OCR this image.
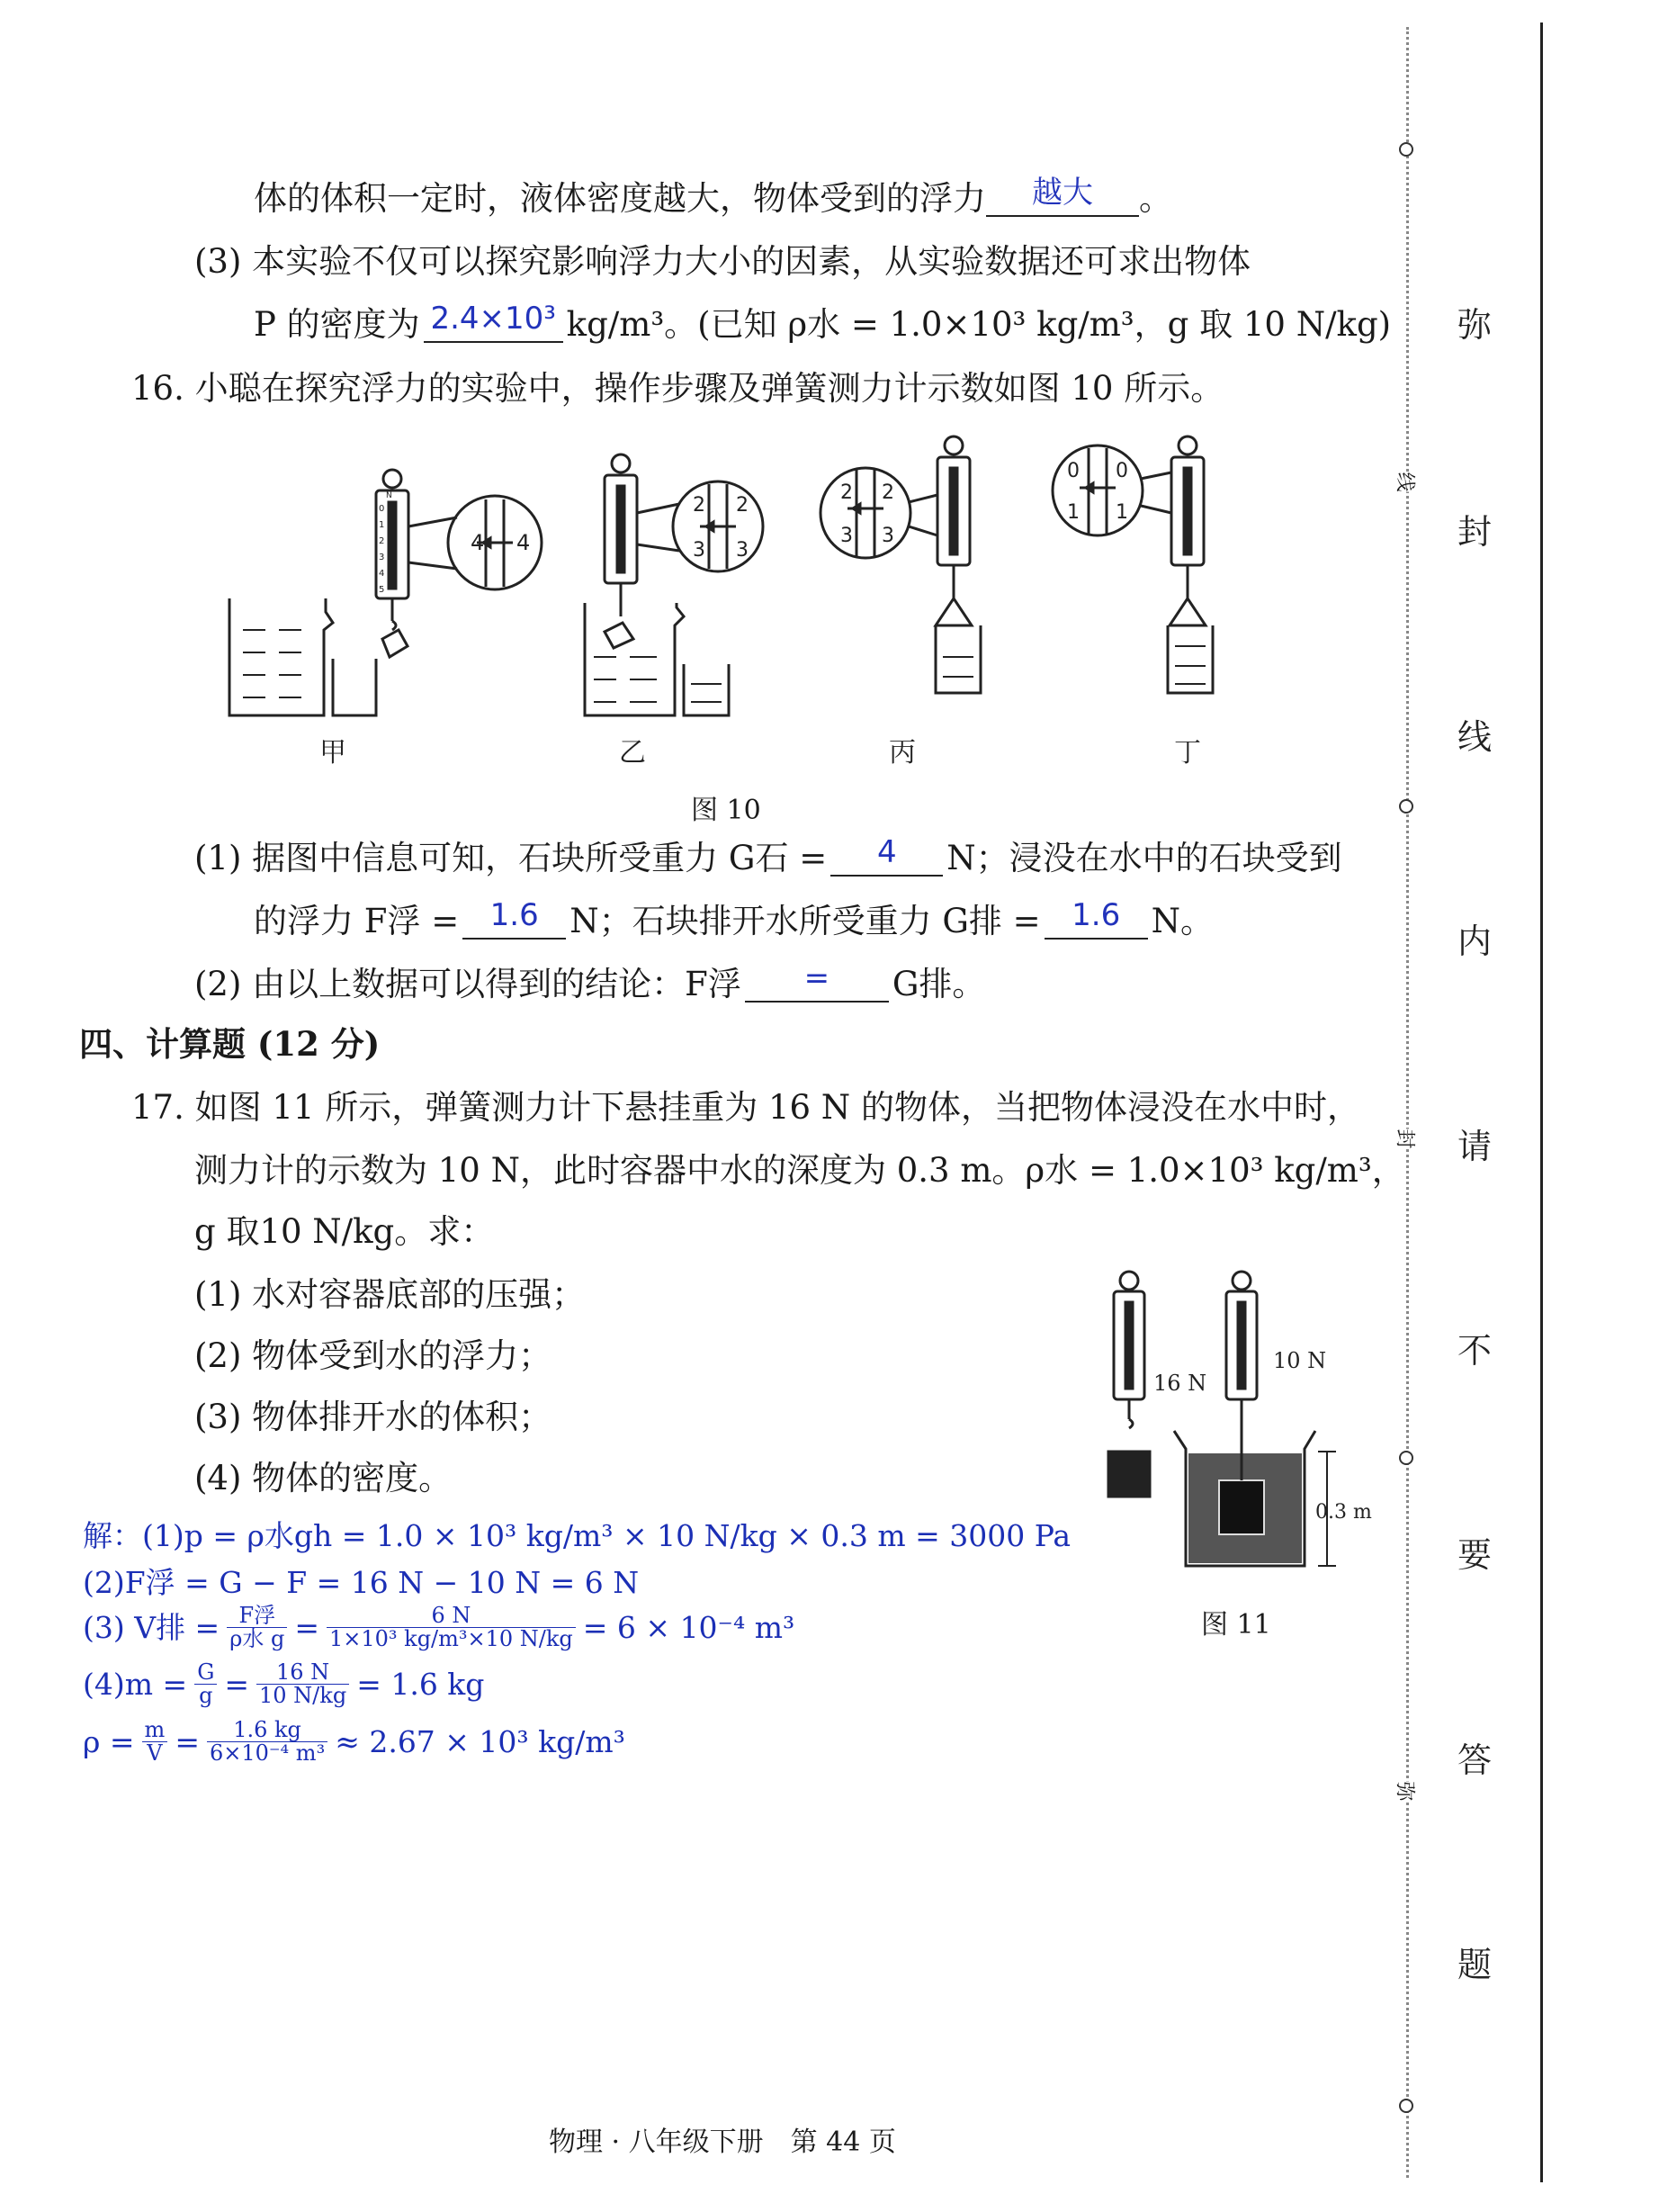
体的体积一定时，液体密度越大，物体受到的浮力	越大	。
(3) 本实验不仅可以探究影响浮力大小的因素，从实验数据还可求出物体
P 的密度为 2.4×10³ kg/m³。(已知 ρ水 = 1.0×10³ kg/m³，g 取 10 N/kg)
16. 小聪在探究浮力的实验中，操作步骤及弹簧测力计示数如图 10 所示。
4 4
2 2
3 3
2 2
3 3
0 0
1 1
N
0
1
2
3
4
5
甲	乙	丙	丁
图 10
(1) 据图中信息可知，石块所受重力 G石 =	4	N；浸没在水中的石块受到
的浮力 F浮 =	1.6 N；石块排开水所受重力 G排 =	1.6 N。
(2) 由以上数据可以得到的结论：F浮	=	G排。
四、计算题 (12 分)
17. 如图 11 所示，弹簧测力计下悬挂重为 16 N 的物体，当把物体浸没在水中时，
测力计的示数为 10 N，此时容器中水的深度为 0.3 m。ρ水 = 1.0×10³ kg/m³，
g 取10 N/kg。求：
(1) 水对容器底部的压强；
(2) 物体受到水的浮力；
(3) 物体排开水的体积；
(4) 物体的密度。
16 N
10 N
0.3 m
图 11
解：(1)p = ρ水gh = 1.0 × 10³ kg/m³ × 10 N/kg × 0.3 m = 3000 Pa
(2)F浮 = G − F = 16 N − 10 N = 6 N
(3) V排 = $\frac{\text{F浮}}{\text{ρ水 g}} = \frac{6 N}{\text{1×10³ kg/m³×10 N/kg}} = 6 \times 10^{-4}$ m³
$(4)m = \frac{G}{g} = \frac{16 N}{10 N/kg} = 1.6$ kg
$\rho = \frac{m}{V} = \frac{1.6 kg}{\text{6×10⁻⁴ m³}} \approx 2.67 \times 10^3$ kg/m³
物理 · 八年级下册　第 44 页
线
封
弥
弥
封
线
内
请
不
要
答
题
